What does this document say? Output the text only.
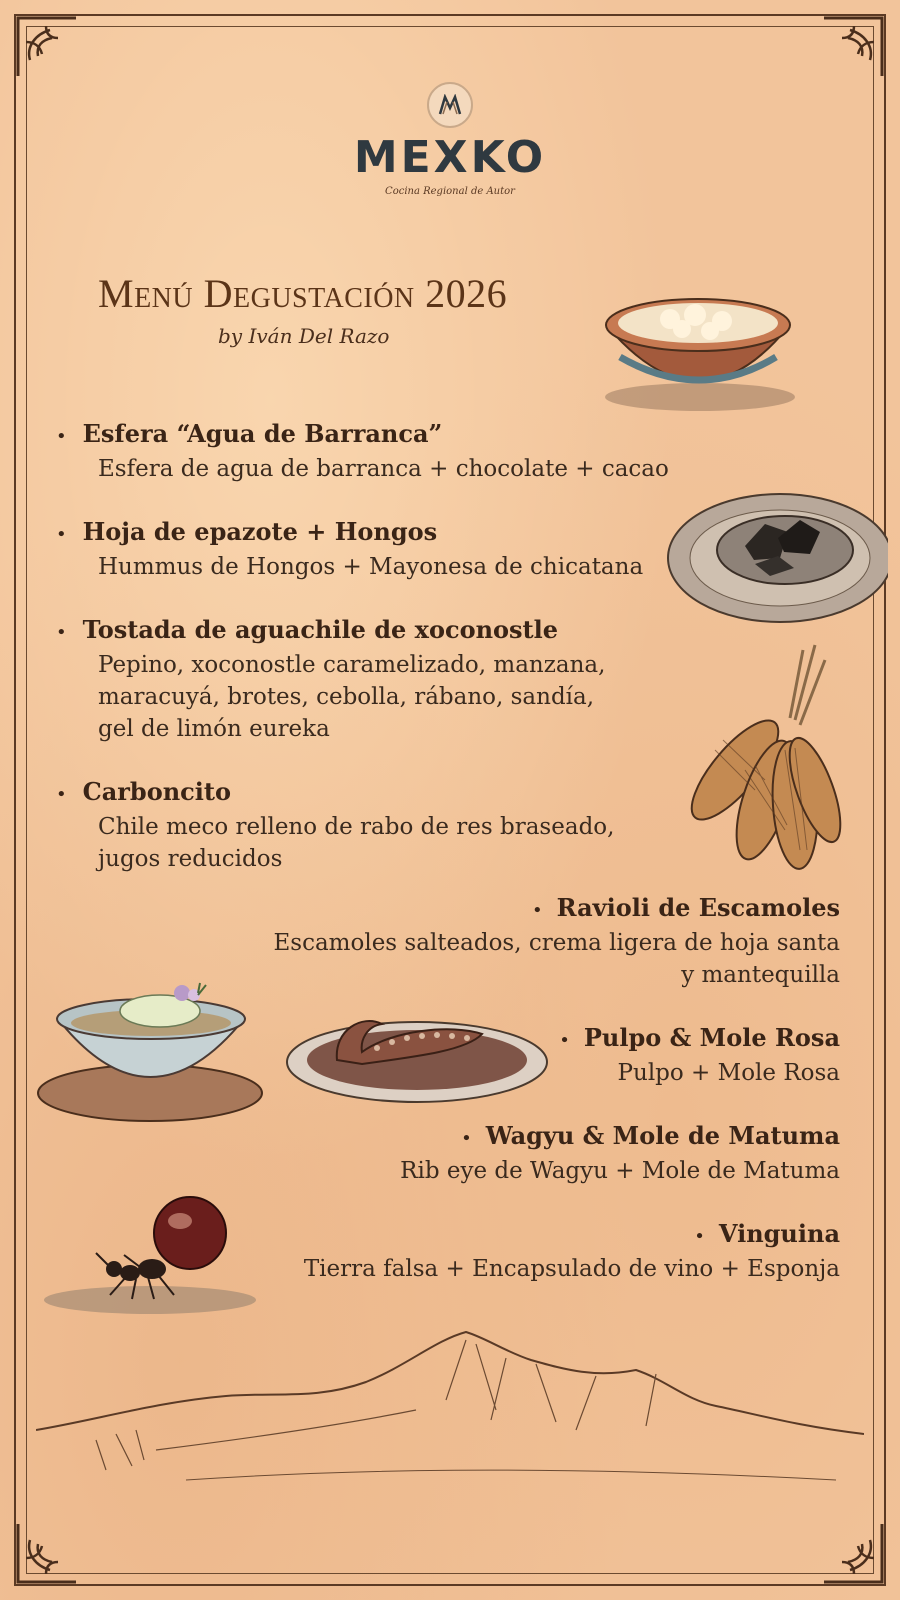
MEXKO
Cocina Regional de Autor
Menú Degustación 2026
by Iván Del Razo
• Esfera “Agua de Barranca”
Esfera de agua de barranca + chocolate + cacao
• Hoja de epazote + Hongos
Hummus de Hongos + Mayonesa de chicatana
• Tostada de aguachile de xoconostle
Pepino, xoconostle caramelizado, manzana,
maracuyá, brotes, cebolla, rábano, sandía,
gel de limón eureka
• Carboncito
Chile meco relleno de rabo de res braseado,
jugos reducidos
• Ravioli de Escamoles
Escamoles salteados, crema ligera de hoja santa
y mantequilla
• Pulpo & Mole Rosa
Pulpo + Mole Rosa
• Wagyu & Mole de Matuma
Rib eye de Wagyu + Mole de Matuma
• Vinguina
Tierra falsa + Encapsulado de vino + Esponja
